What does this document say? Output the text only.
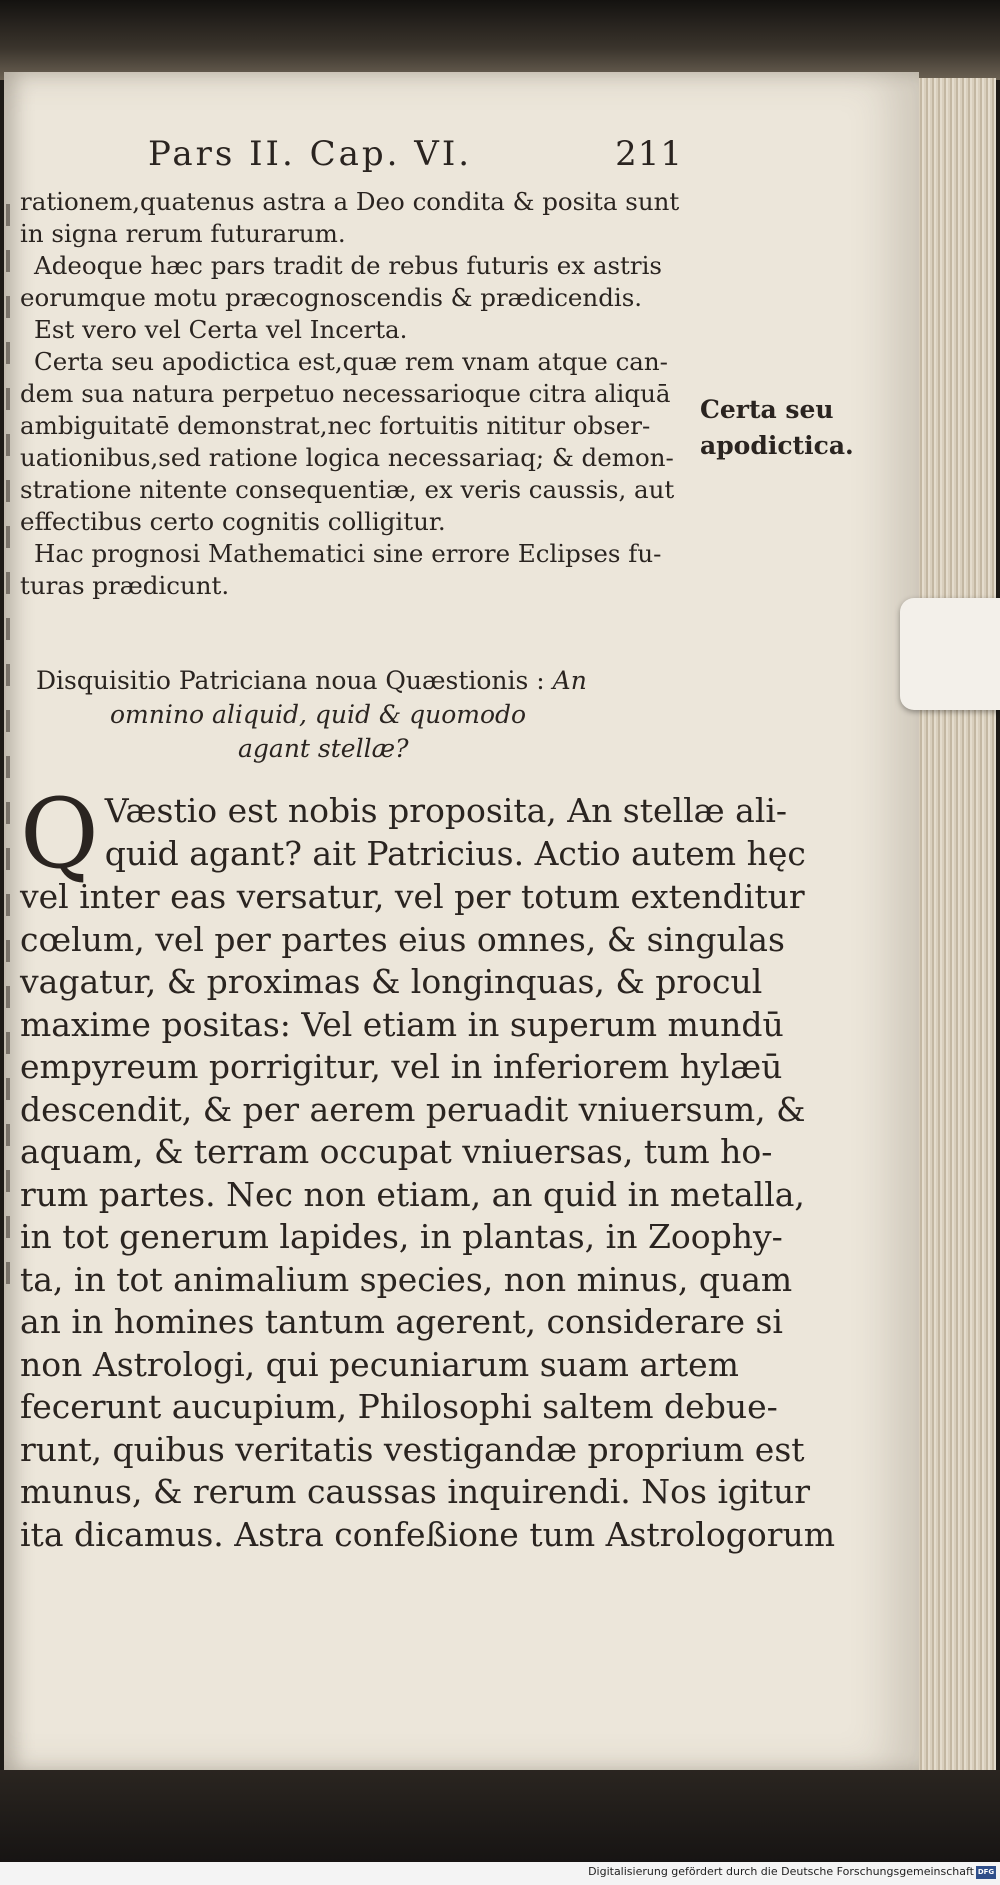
Pars II. Cap. VI.	211
rationem,quatenus astra a Deo condita & posita sunt
in signa rerum futurarum.
Adeoque hæc pars tradit de rebus futuris ex astris
eorumque motu præcognoscendis & prædicendis.
Est vero vel Certa vel Incerta.
Certa seu apodictica est,quæ rem vnam atque can-
dem sua natura perpetuo necessarioque citra aliquā
ambiguitatē demonstrat,nec fortuitis nititur obser-
uationibus,sed ratione logica necessariaq; & demon-
stratione nitente consequentiæ, ex veris caussis, aut
effectibus certo cognitis colligitur.
Hac prognosi Mathematici sine errore Eclipses fu-
turas prædicunt.
Certa seu
apodictica.
Disquisitio Patriciana noua Quæstionis : An
omnino aliquid, quid & quomodo
agant stellæ?
Q Væstio est nobis proposita, An stellæ ali-
quid agant? ait Patricius. Actio autem hęc
vel inter eas versatur, vel per totum extenditur
cœlum, vel per partes eius omnes, & singulas
vagatur, & proximas & longinquas, & procul
maxime positas: Vel etiam in superum mundū
empyreum porrigitur, vel in inferiorem hylæū
descendit, & per aerem peruadit vniuersum, &
aquam, & terram occupat vniuersas, tum ho-
rum partes. Nec non etiam, an quid in metalla,
in tot generum lapides, in plantas, in Zoophy-
ta, in tot animalium species, non minus, quam
an in homines tantum agerent, considerare si
non Astrologi, qui pecuniarum suam artem
fecerunt aucupium, Philosophi saltem debue-
runt, quibus veritatis vestigandæ proprium est
munus, & rerum caussas inquirendi. Nos igitur
ita dicamus. Astra confeßione tum Astrologorum
Digitalisierung gefördert durch die Deutsche Forschungsgemeinschaft DFG
